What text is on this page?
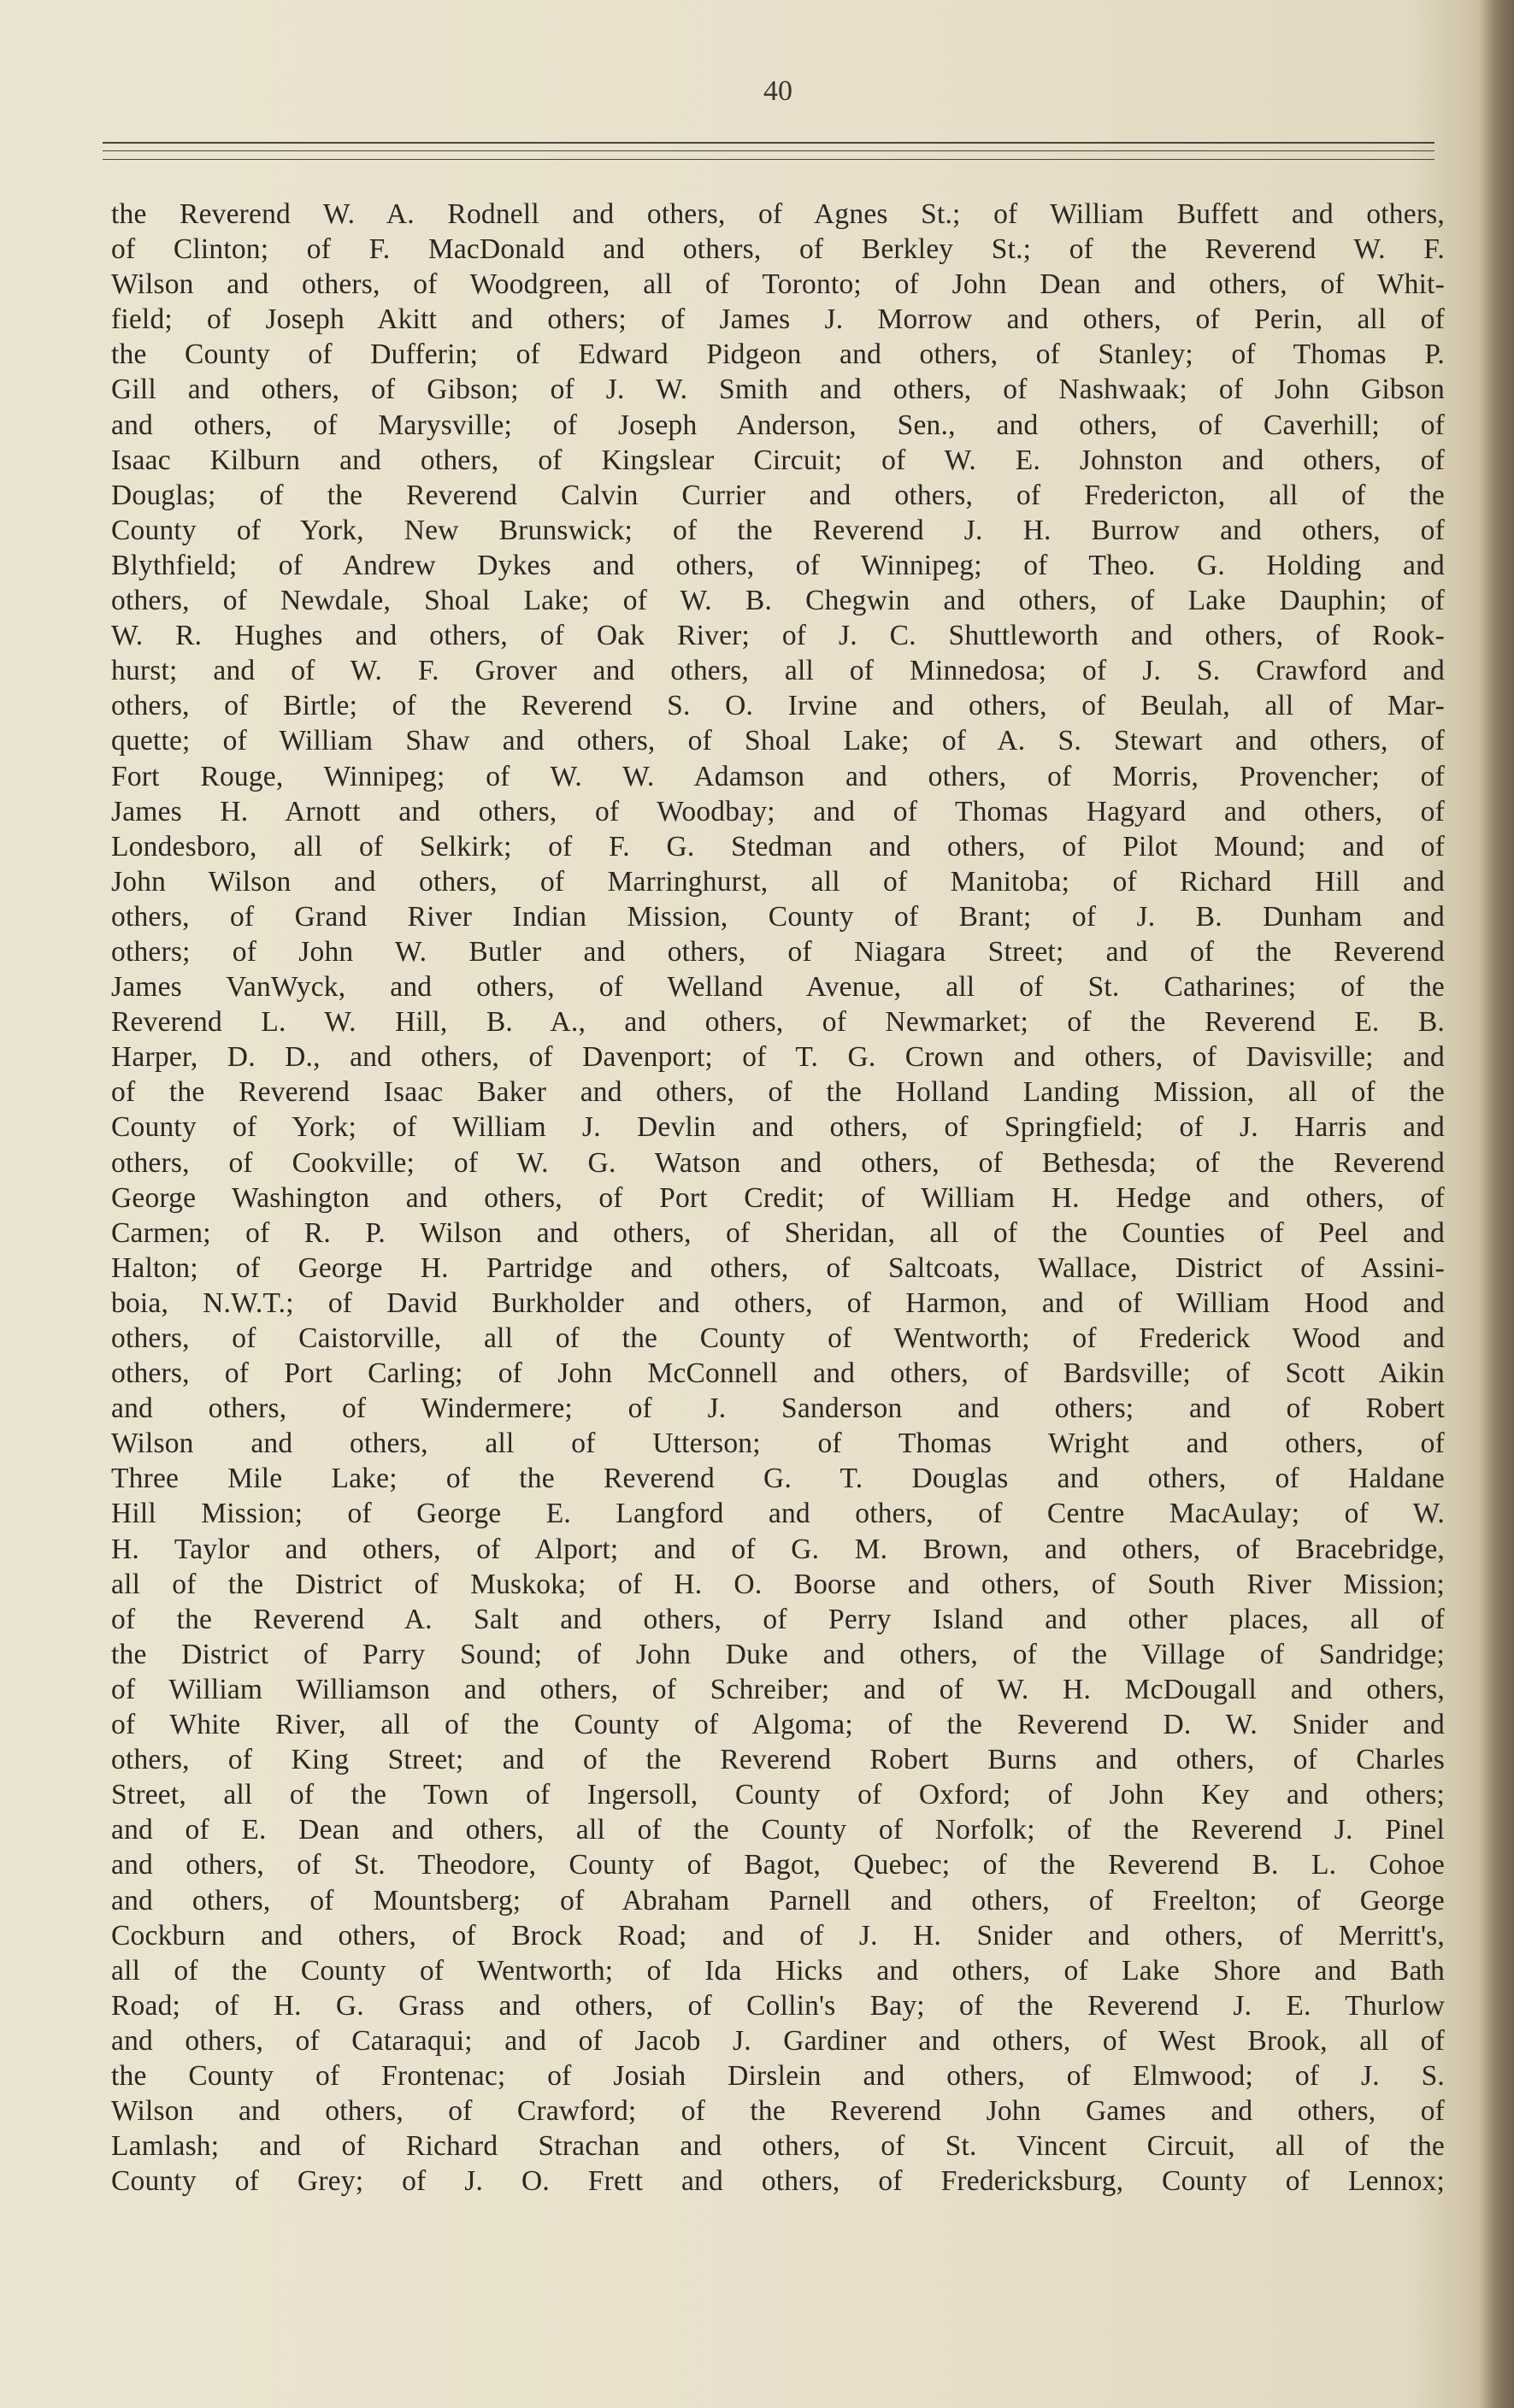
40
the Reverend W. A. Rodnell and others, of Agnes St.; of William Buffett and others,
of Clinton; of F. MacDonald and others, of Berkley St.; of the Reverend W. F.
Wilson and others, of Woodgreen, all of Toronto; of John Dean and others, of Whit-
field; of Joseph Akitt and others; of James J. Morrow and others, of Perin, all of
the County of Dufferin; of Edward Pidgeon and others, of Stanley; of Thomas P.
Gill and others, of Gibson; of J. W. Smith and others, of Nashwaak; of John Gibson
and others, of Marysville; of Joseph Anderson, Sen., and others, of Caverhill; of
Isaac Kilburn and others, of Kingslear Circuit; of W. E. Johnston and others, of
Douglas; of the Reverend Calvin Currier and others, of Fredericton, all of the
County of York, New Brunswick; of the Reverend J. H. Burrow and others, of
Blythfield; of Andrew Dykes and others, of Winnipeg; of Theo. G. Holding and
others, of Newdale, Shoal Lake; of W. B. Chegwin and others, of Lake Dauphin; of
W. R. Hughes and others, of Oak River; of J. C. Shuttleworth and others, of Rook-
hurst; and of W. F. Grover and others, all of Minnedosa; of J. S. Crawford and
others, of Birtle; of the Reverend S. O. Irvine and others, of Beulah, all of Mar-
quette; of William Shaw and others, of Shoal Lake; of A. S. Stewart and others, of
Fort Rouge, Winnipeg; of W. W. Adamson and others, of Morris, Provencher; of
James H. Arnott and others, of Woodbay; and of Thomas Hagyard and others, of
Londesboro, all of Selkirk; of F. G. Stedman and others, of Pilot Mound; and of
John Wilson and others, of Marringhurst, all of Manitoba; of Richard Hill and
others, of Grand River Indian Mission, County of Brant; of J. B. Dunham and
others; of John W. Butler and others, of Niagara Street; and of the Reverend
James VanWyck, and others, of Welland Avenue, all of St. Catharines; of the
Reverend L. W. Hill, B. A., and others, of Newmarket; of the Reverend E. B.
Harper, D. D., and others, of Davenport; of T. G. Crown and others, of Davisville; and
of the Reverend Isaac Baker and others, of the Holland Landing Mission, all of the
County of York; of William J. Devlin and others, of Springfield; of J. Harris and
others, of Cookville; of W. G. Watson and others, of Bethesda; of the Reverend
George Washington and others, of Port Credit; of William H. Hedge and others, of
Carmen; of R. P. Wilson and others, of Sheridan, all of the Counties of Peel and
Halton; of George H. Partridge and others, of Saltcoats, Wallace, District of Assini-
boia, N.W.T.; of David Burkholder and others, of Harmon, and of William Hood and
others, of Caistorville, all of the County of Wentworth; of Frederick Wood and
others, of Port Carling; of John McConnell and others, of Bardsville; of Scott Aikin
and others, of Windermere; of J. Sanderson and others; and of Robert
Wilson and others, all of Utterson; of Thomas Wright and others, of
Three Mile Lake; of the Reverend G. T. Douglas and others, of Haldane
Hill Mission; of George E. Langford and others, of Centre MacAulay; of W.
H. Taylor and others, of Alport; and of G. M. Brown, and others, of Bracebridge,
all of the District of Muskoka; of H. O. Boorse and others, of South River Mission;
of the Reverend A. Salt and others, of Perry Island and other places, all of
the District of Parry Sound; of John Duke and others, of the Village of Sandridge;
of William Williamson and others, of Schreiber; and of W. H. McDougall and others,
of White River, all of the County of Algoma; of the Reverend D. W. Snider and
others, of King Street; and of the Reverend Robert Burns and others, of Charles
Street, all of the Town of Ingersoll, County of Oxford; of John Key and others;
and of E. Dean and others, all of the County of Norfolk; of the Reverend J. Pinel
and others, of St. Theodore, County of Bagot, Quebec; of the Reverend B. L. Cohoe
and others, of Mountsberg; of Abraham Parnell and others, of Freelton; of George
Cockburn and others, of Brock Road; and of J. H. Snider and others, of Merritt's,
all of the County of Wentworth; of Ida Hicks and others, of Lake Shore and Bath
Road; of H. G. Grass and others, of Collin's Bay; of the Reverend J. E. Thurlow
and others, of Cataraqui; and of Jacob J. Gardiner and others, of West Brook, all of
the County of Frontenac; of Josiah Dirslein and others, of Elmwood; of J. S.
Wilson and others, of Crawford; of the Reverend John Games and others, of
Lamlash; and of Richard Strachan and others, of St. Vincent Circuit, all of the
County of Grey; of J. O. Frett and others, of Fredericksburg, County of Lennox;
